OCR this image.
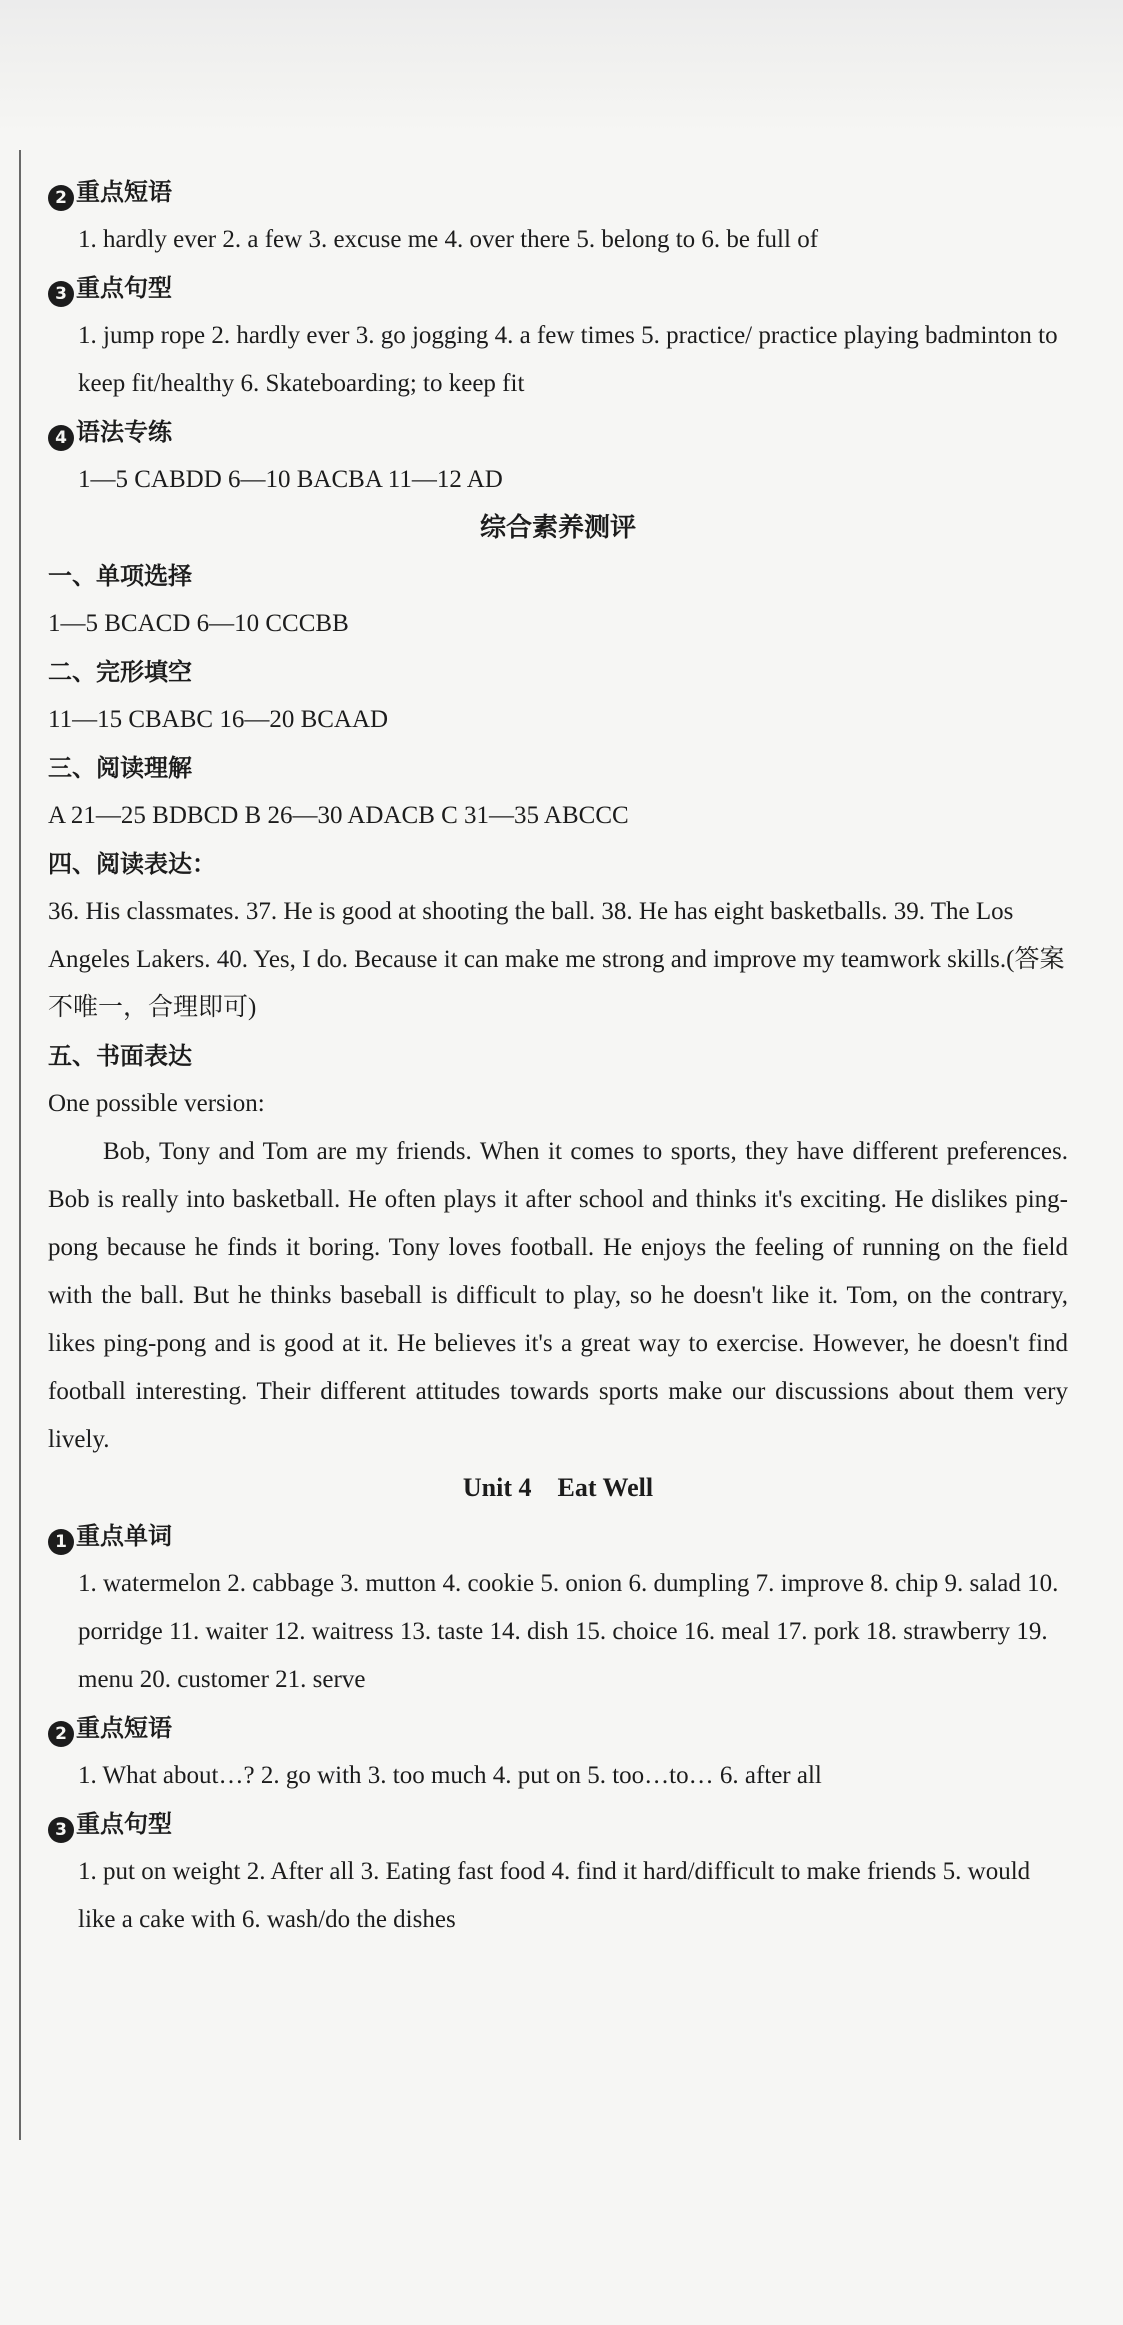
2 重点短语

1. hardly ever 2. a few 3. excuse me 4. over there 5. belong to 6. be full of

3 重点句型

1. jump rope 2. hardly ever 3. go jogging 4. a few times 5. practice/ practice playing badminton to keep fit/healthy 6. Skateboarding; to keep fit

4 语法专练

1—5 CABDD 6—10 BACBA 11—12 AD

综合素养测评

一、单项选择

1—5 BCACD 6—10 CCCBB

二、完形填空

11—15 CBABC 16—20 BCAAD

三、阅读理解

A 21—25 BDBCD B 26—30 ADACB C 31—35 ABCCC

四、阅读表达：

36. His classmates. 37. He is good at shooting the ball. 38. He has eight basketballs. 39. The Los Angeles Lakers. 40. Yes, I do. Because it can make me strong and improve my teamwork skills.(答案不唯一，合理即可)

五、书面表达

One possible version:

Bob, Tony and Tom are my friends. When it comes to sports, they have different preferences. Bob is really into basketball. He often plays it after school and thinks it's exciting. He dislikes ping-pong because he finds it boring. Tony loves football. He enjoys the feeling of running on the field with the ball. But he thinks baseball is difficult to play, so he doesn't like it. Tom, on the contrary, likes ping-pong and is good at it. He believes it's a great way to exercise. However, he doesn't find football interesting. Their different attitudes towards sports make our discussions about them very lively.

Unit 4　Eat Well

1 重点单词

1. watermelon 2. cabbage 3. mutton 4. cookie 5. onion 6. dumpling 7. improve 8. chip 9. salad 10. porridge 11. waiter 12. waitress 13. taste 14. dish 15. choice 16. meal 17. pork 18. strawberry 19. menu 20. customer 21. serve

2 重点短语

1. What about…? 2. go with 3. too much 4. put on 5. too…to… 6. after all

3 重点句型

1. put on weight 2. After all 3. Eating fast food 4. find it hard/difficult to make friends 5. would like a cake with 6. wash/do the dishes
